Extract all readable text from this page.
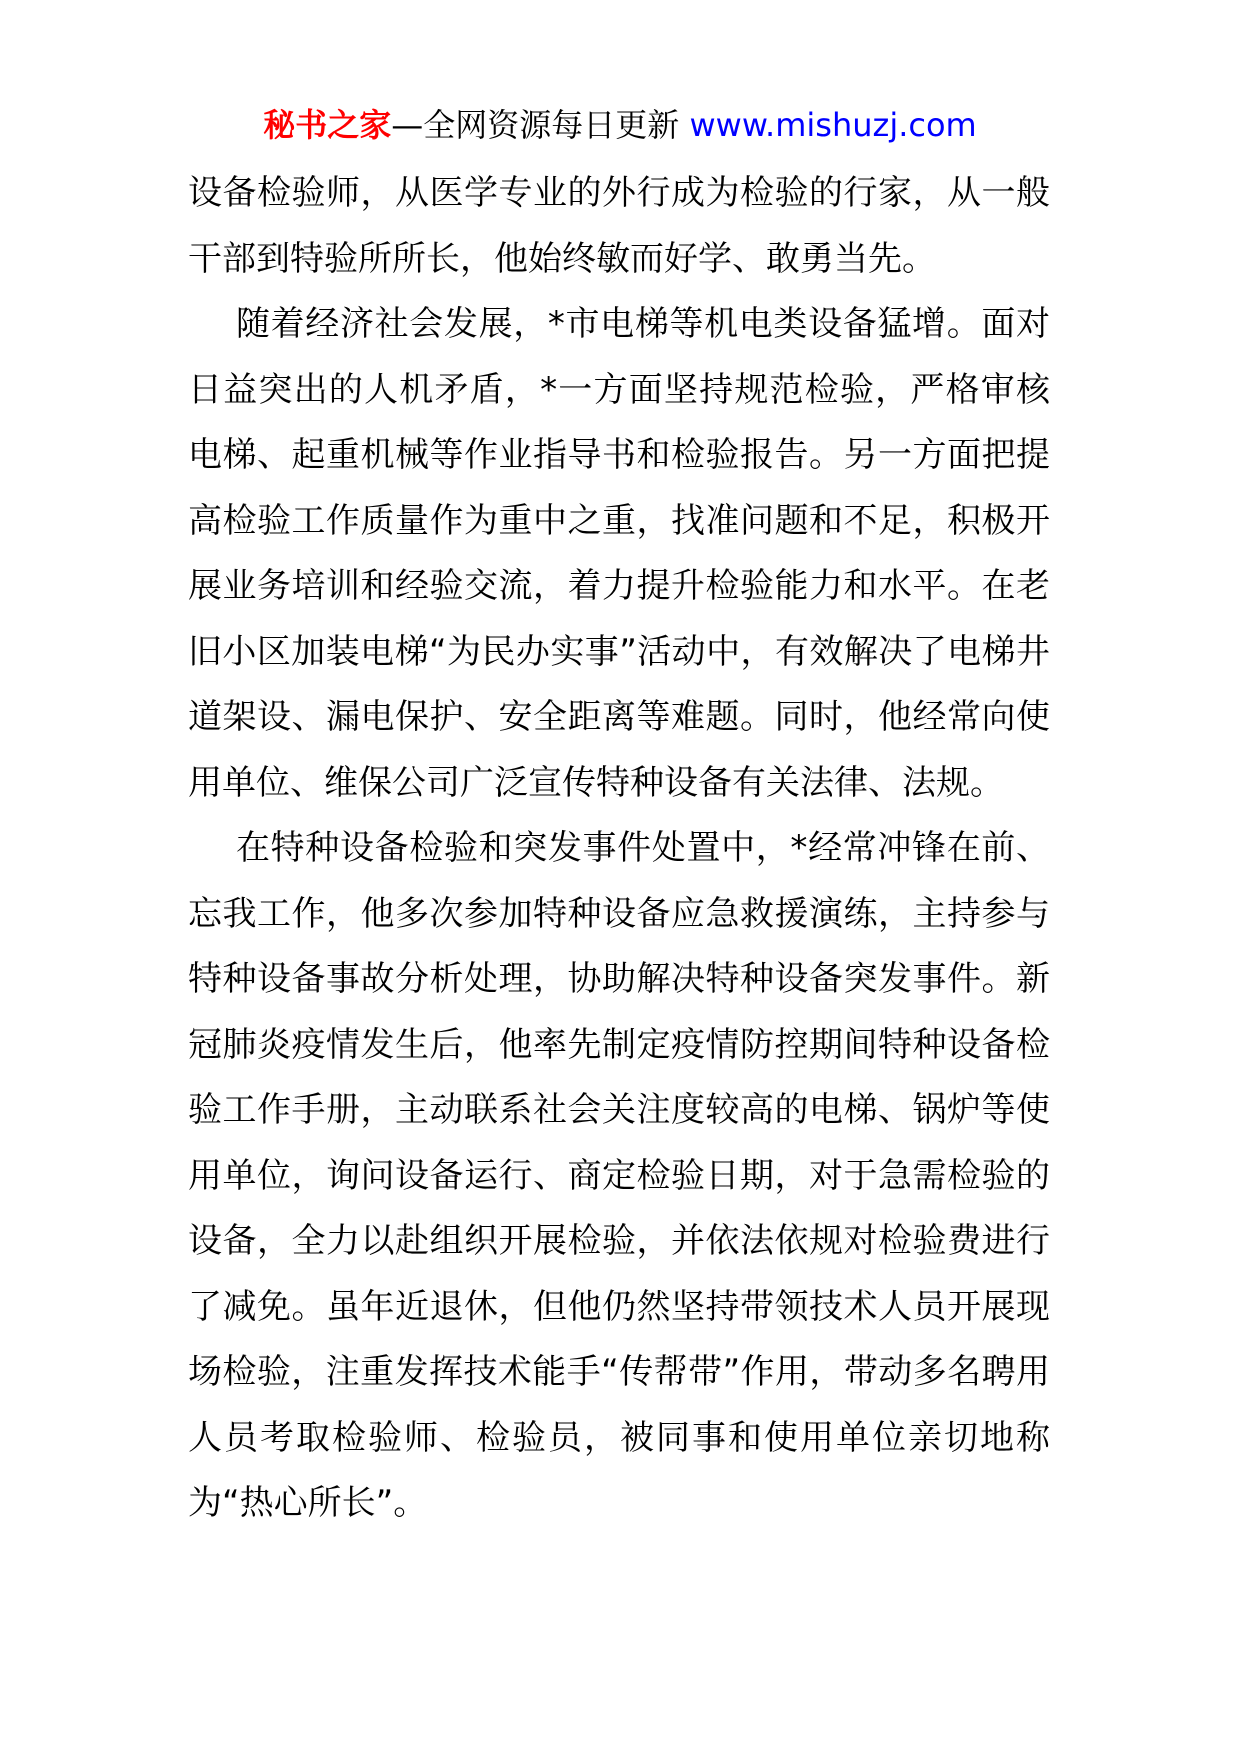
秘书之家—全网资源每日更新 www.mishuzj.com

设备检验师，从医学专业的外行成为检验的行家，从一般干部到特验所所长，他始终敏而好学、敢勇当先。

随着经济社会发展，*市电梯等机电类设备猛增。面对日益突出的人机矛盾，*一方面坚持规范检验，严格审核电梯、起重机械等作业指导书和检验报告。另一方面把提高检验工作质量作为重中之重，找准问题和不足，积极开展业务培训和经验交流，着力提升检验能力和水平。在老旧小区加装电梯“为民办实事”活动中，有效解决了电梯井道架设、漏电保护、安全距离等难题。同时，他经常向使用单位、维保公司广泛宣传特种设备有关法律、法规。

在特种设备检验和突发事件处置中，*经常冲锋在前、忘我工作，他多次参加特种设备应急救援演练，主持参与特种设备事故分析处理，协助解决特种设备突发事件。新冠肺炎疫情发生后，他率先制定疫情防控期间特种设备检验工作手册，主动联系社会关注度较高的电梯、锅炉等使用单位，询问设备运行、商定检验日期，对于急需检验的设备，全力以赴组织开展检验，并依法依规对检验费进行了减免。虽年近退休，但他仍然坚持带领技术人员开展现场检验，注重发挥技术能手“传帮带”作用，带动多名聘用人员考取检验师、检验员，被同事和使用单位亲切地称为“热心所长”。
